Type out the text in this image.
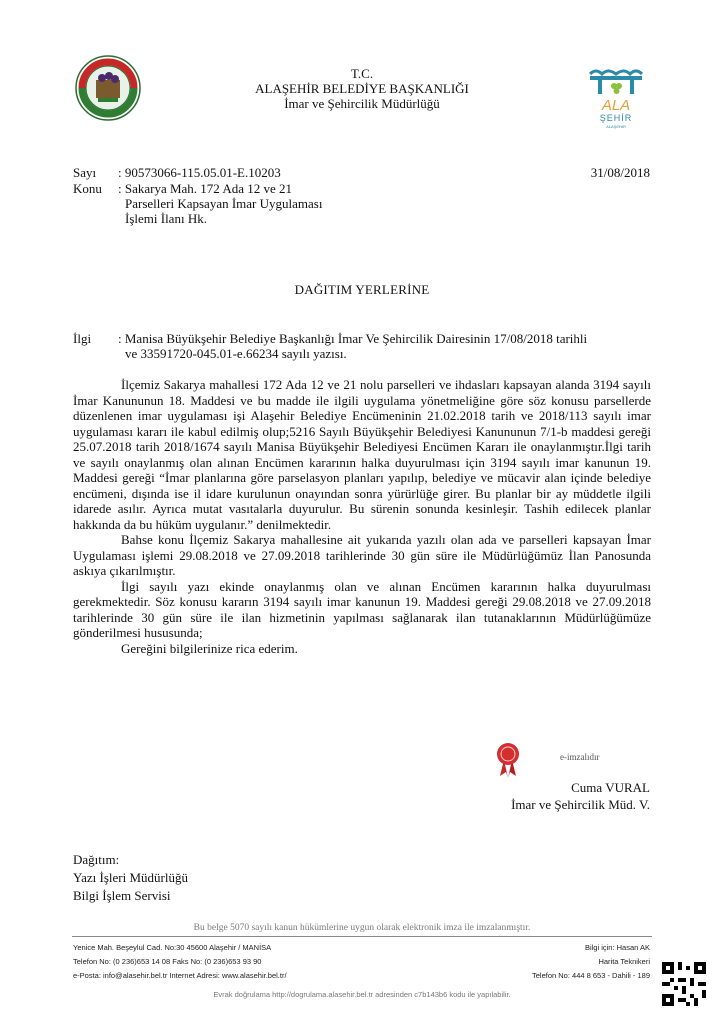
T.C.
ALAŞEHİR BELEDİYE BAŞKANLIĞI
İmar ve Şehircilik Müdürlüğü	ALA
ŞEHİR
ALAŞEHİR
Sayı : 90573066-115.05.01-E.10203	31/08/2018
Konu : Sakarya Mah. 172 Ada 12 ve 21
Parselleri Kapsayan İmar Uygulaması
İşlemi İlanı Hk.
DAĞITIM YERLERİNE
İlgi : Manisa Büyükşehir Belediye Başkanlığı İmar Ve Şehircilik Dairesinin 17/08/2018 tarihli
ve 33591720-045.01-e.66234 sayılı yazısı.

İlçemiz Sakarya mahallesi 172 Ada 12 ve 21 nolu parselleri ve ihdasları kapsayan alanda 3194 sayılı İmar Kanununun 18. Maddesi ve bu madde ile ilgili uygulama yönetmeliğine göre söz konusu parsellerde düzenlenen imar uygulaması işi Alaşehir Belediye Encümeninin 21.02.2018 tarih ve 2018/113 sayılı imar uygulaması kararı ile kabul edilmiş olup;5216 Sayılı Büyükşehir Belediyesi Kanununun 7/1-b maddesi gereği 25.07.2018 tarih 2018/1674 sayılı Manisa Büyükşehir Belediyesi Encümen Kararı ile onaylanmıştır.İlgi tarih ve sayılı onaylanmış olan alınan Encümen kararının halka duyurulması için 3194 sayılı imar kanunun 19. Maddesi gereği “İmar planlarına göre parselasyon planları yapılıp, belediye ve mücavir alan içinde belediye encümeni, dışında ise il idare kurulunun onayından sonra yürürlüğe girer. Bu planlar bir ay müddetle ilgili idarede asılır. Ayrıca mutat vasıtalarla duyurulur. Bu sürenin sonunda kesinleşir. Tashih edilecek planlar hakkında da bu hüküm uygulanır.” denilmektedir.

Bahse konu İlçemiz Sakarya mahallesine ait yukarıda yazılı olan ada ve parselleri kapsayan İmar Uygulaması işlemi 29.08.2018 ve 27.09.2018 tarihlerinde 30 gün süre ile Müdürlüğümüz İlan Panosunda askıya çıkarılmıştır.

İlgi sayılı yazı ekinde onaylanmış olan ve alınan Encümen kararının halka duyurulması gerekmektedir. Söz konusu kararın 3194 sayılı imar kanunun 19. Maddesi gereği 29.08.2018 ve 27.09.2018 tarihlerinde 30 gün süre ile ilan hizmetinin yapılması sağlanarak ilan tutanaklarının Müdürlüğümüze gönderilmesi hususunda;

Gereğini bilgilerinize rica ederim.

e-imzalıdır
Cuma VURAL
İmar ve Şehircilik Müd. V.
Dağıtım:
Yazı İşleri Müdürlüğü
Bilgi İşlem Servisi
Bu belge 5070 sayılı kanun hükümlerine uygun olarak elektronik imza ile imzalanmıştır.
Yenice Mah. Beşeylul Cad. No:30 45600 Alaşehir / MANİSA
Telefon No: (0 236)653 14 08 Faks No: (0 236)653 93 90
e-Posta: info@alasehir.bel.tr Internet Adresi: www.alasehir.bel.tr/
Bilgi için: Hasan AK
Harita Teknikeri
Telefon No: 444 8 653 - Dahili - 189
Evrak doğrulama http://dogrulama.alasehir.bel.tr adresinden c7b143b6 kodu ile yapılabilir.
